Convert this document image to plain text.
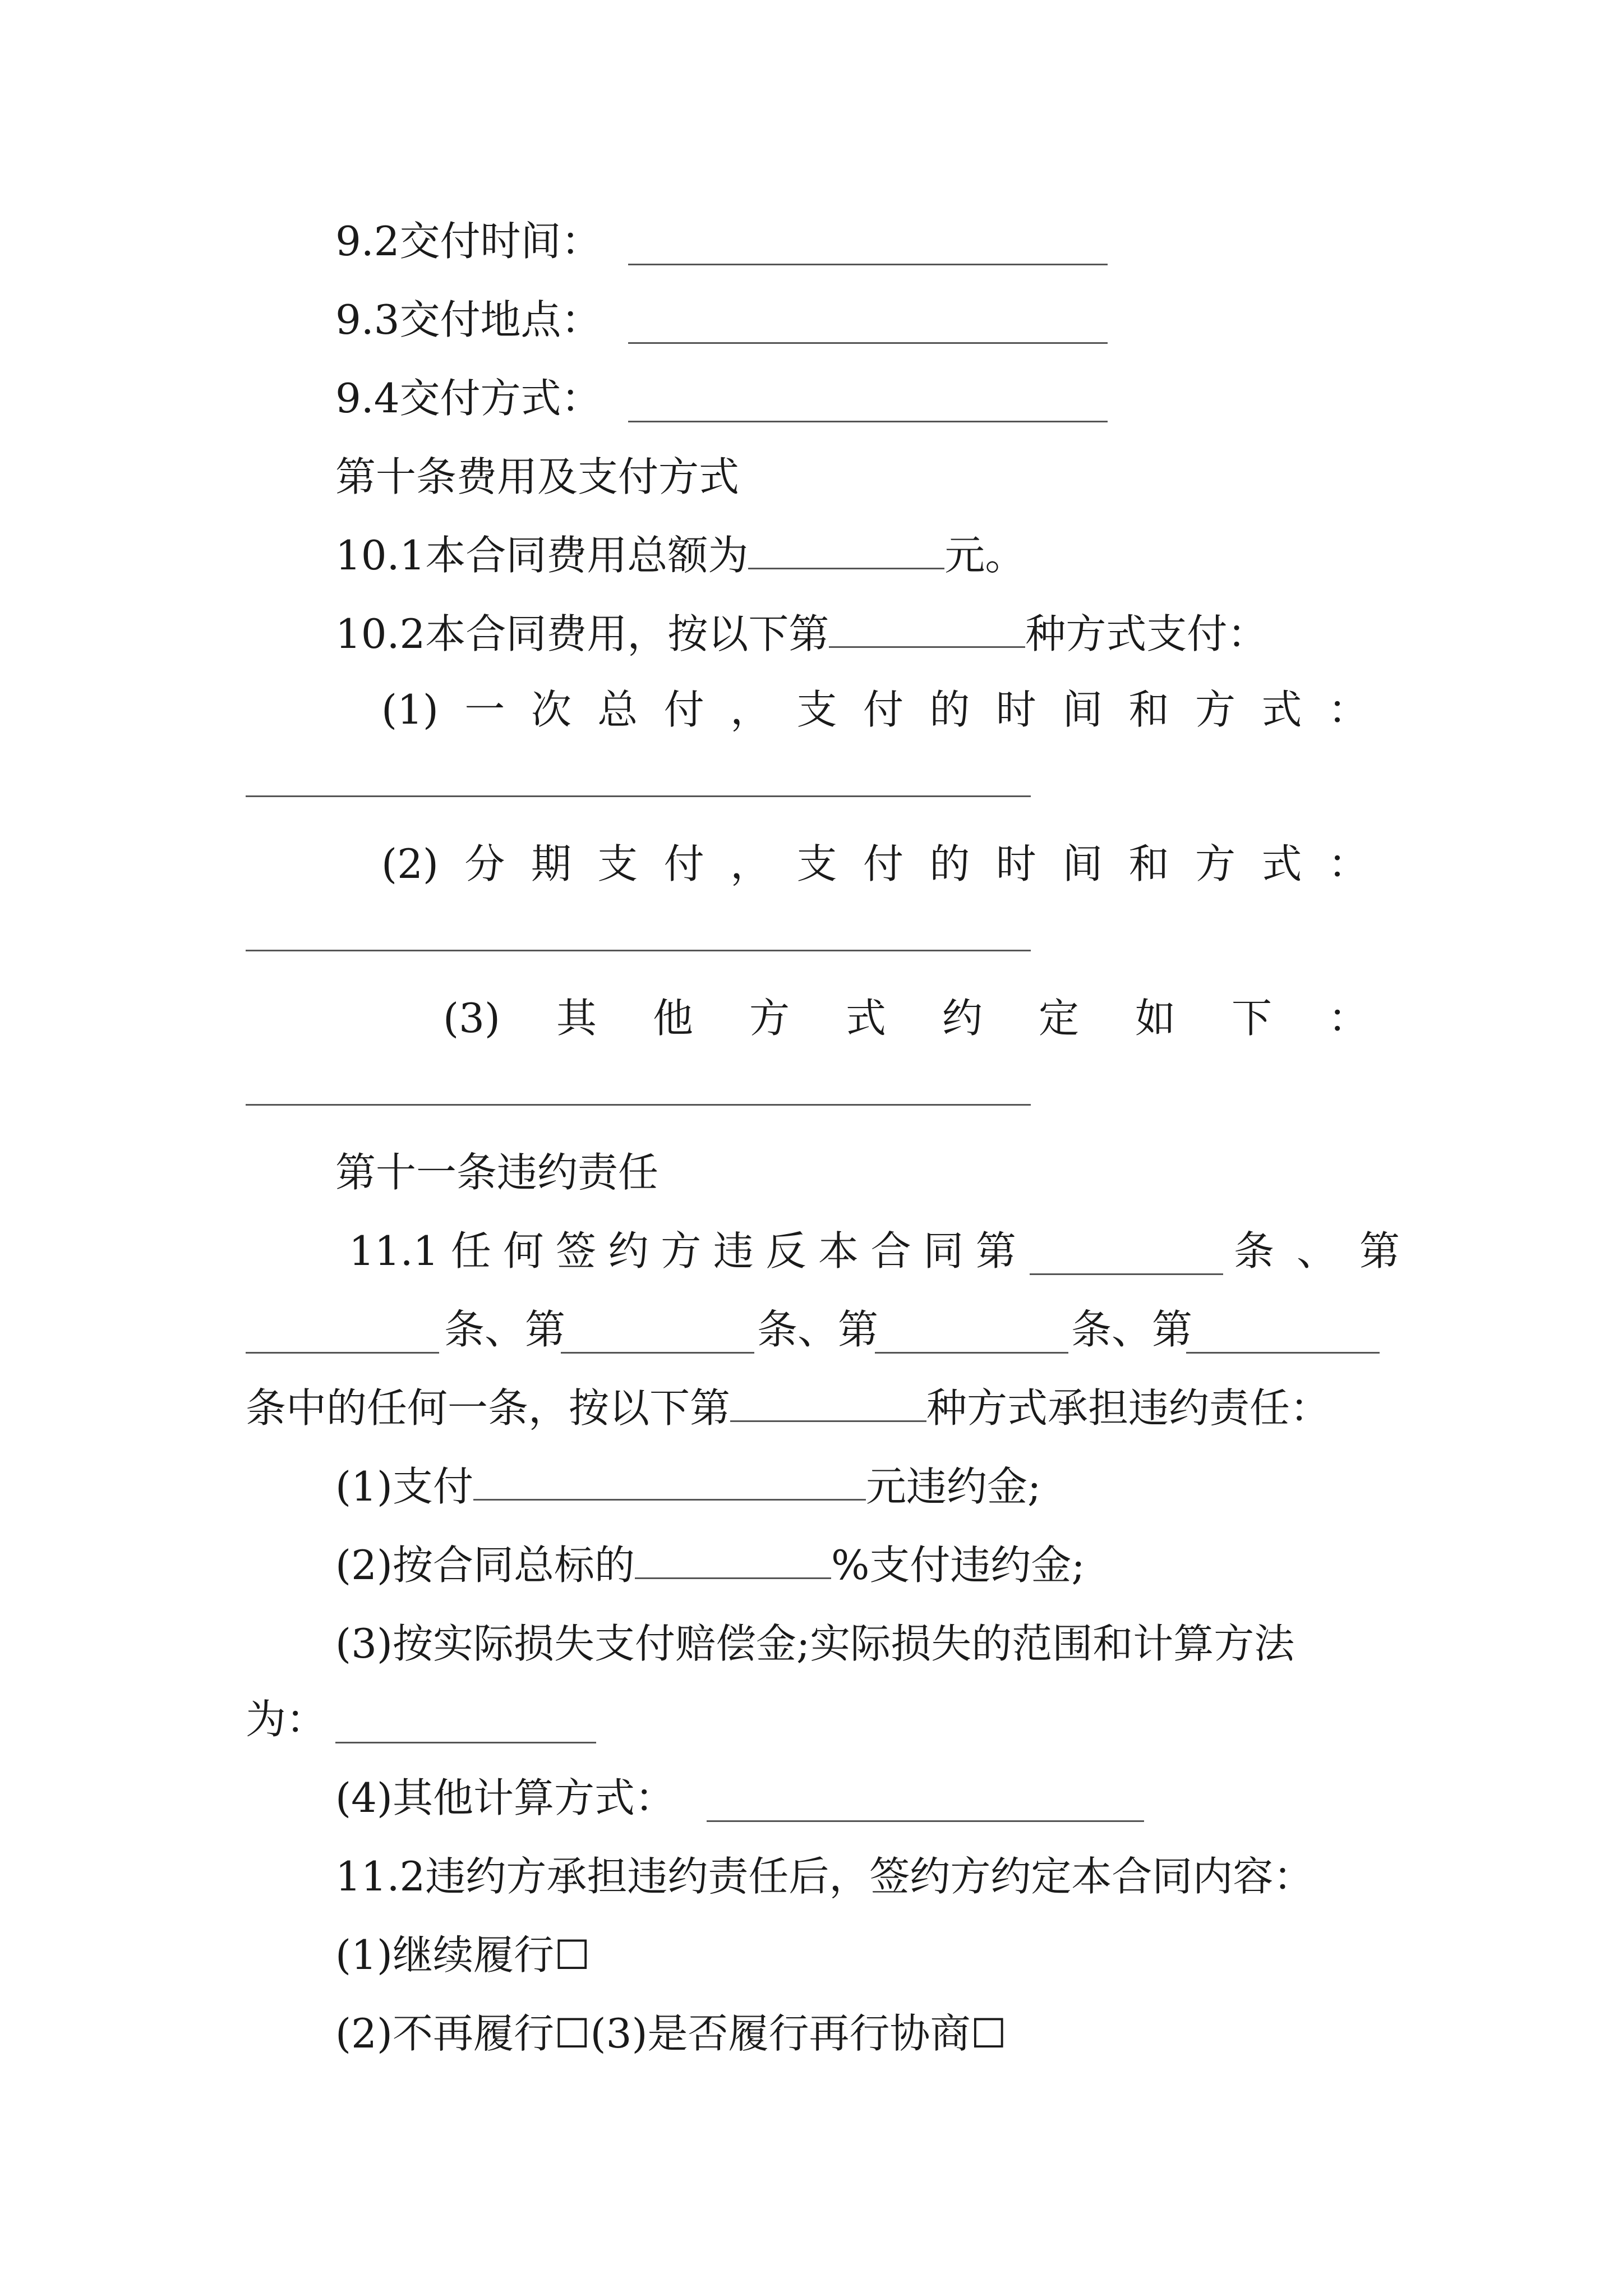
9.2交付时间：
9.3交付地点：
9.4交付方式：
第十条费用及支付方式
10.1本合同费用总额为	元。
10.2本合同费用，按以下第	种方式支付：
(1) 一 次 总 付 ， 支 付 的 时 间 和 方 式 ：
(2) 分 期 支 付 ， 支 付 的 时 间 和 方 式 ：
(3) 其 他 方 式 约 定 如 下 ：
第十一条违约责任
11.1 任 何 签 约 方 违 反 本 合 同 第	条、第
条、第	条、第	条、第
条中的任何一条，按以下第	种方式承担违约责任：
(1)支付	元违约金;
(2)按合同总标的	%支付违约金;
(3)按实际损失支付赔偿金;实际损失的范围和计算方法
为：
(4)其他计算方式：
11.2违约方承担违约责任后，签约方约定本合同内容：
(1)继续履行☐
(2)不再履行☐(3)是否履行再行协商☐
